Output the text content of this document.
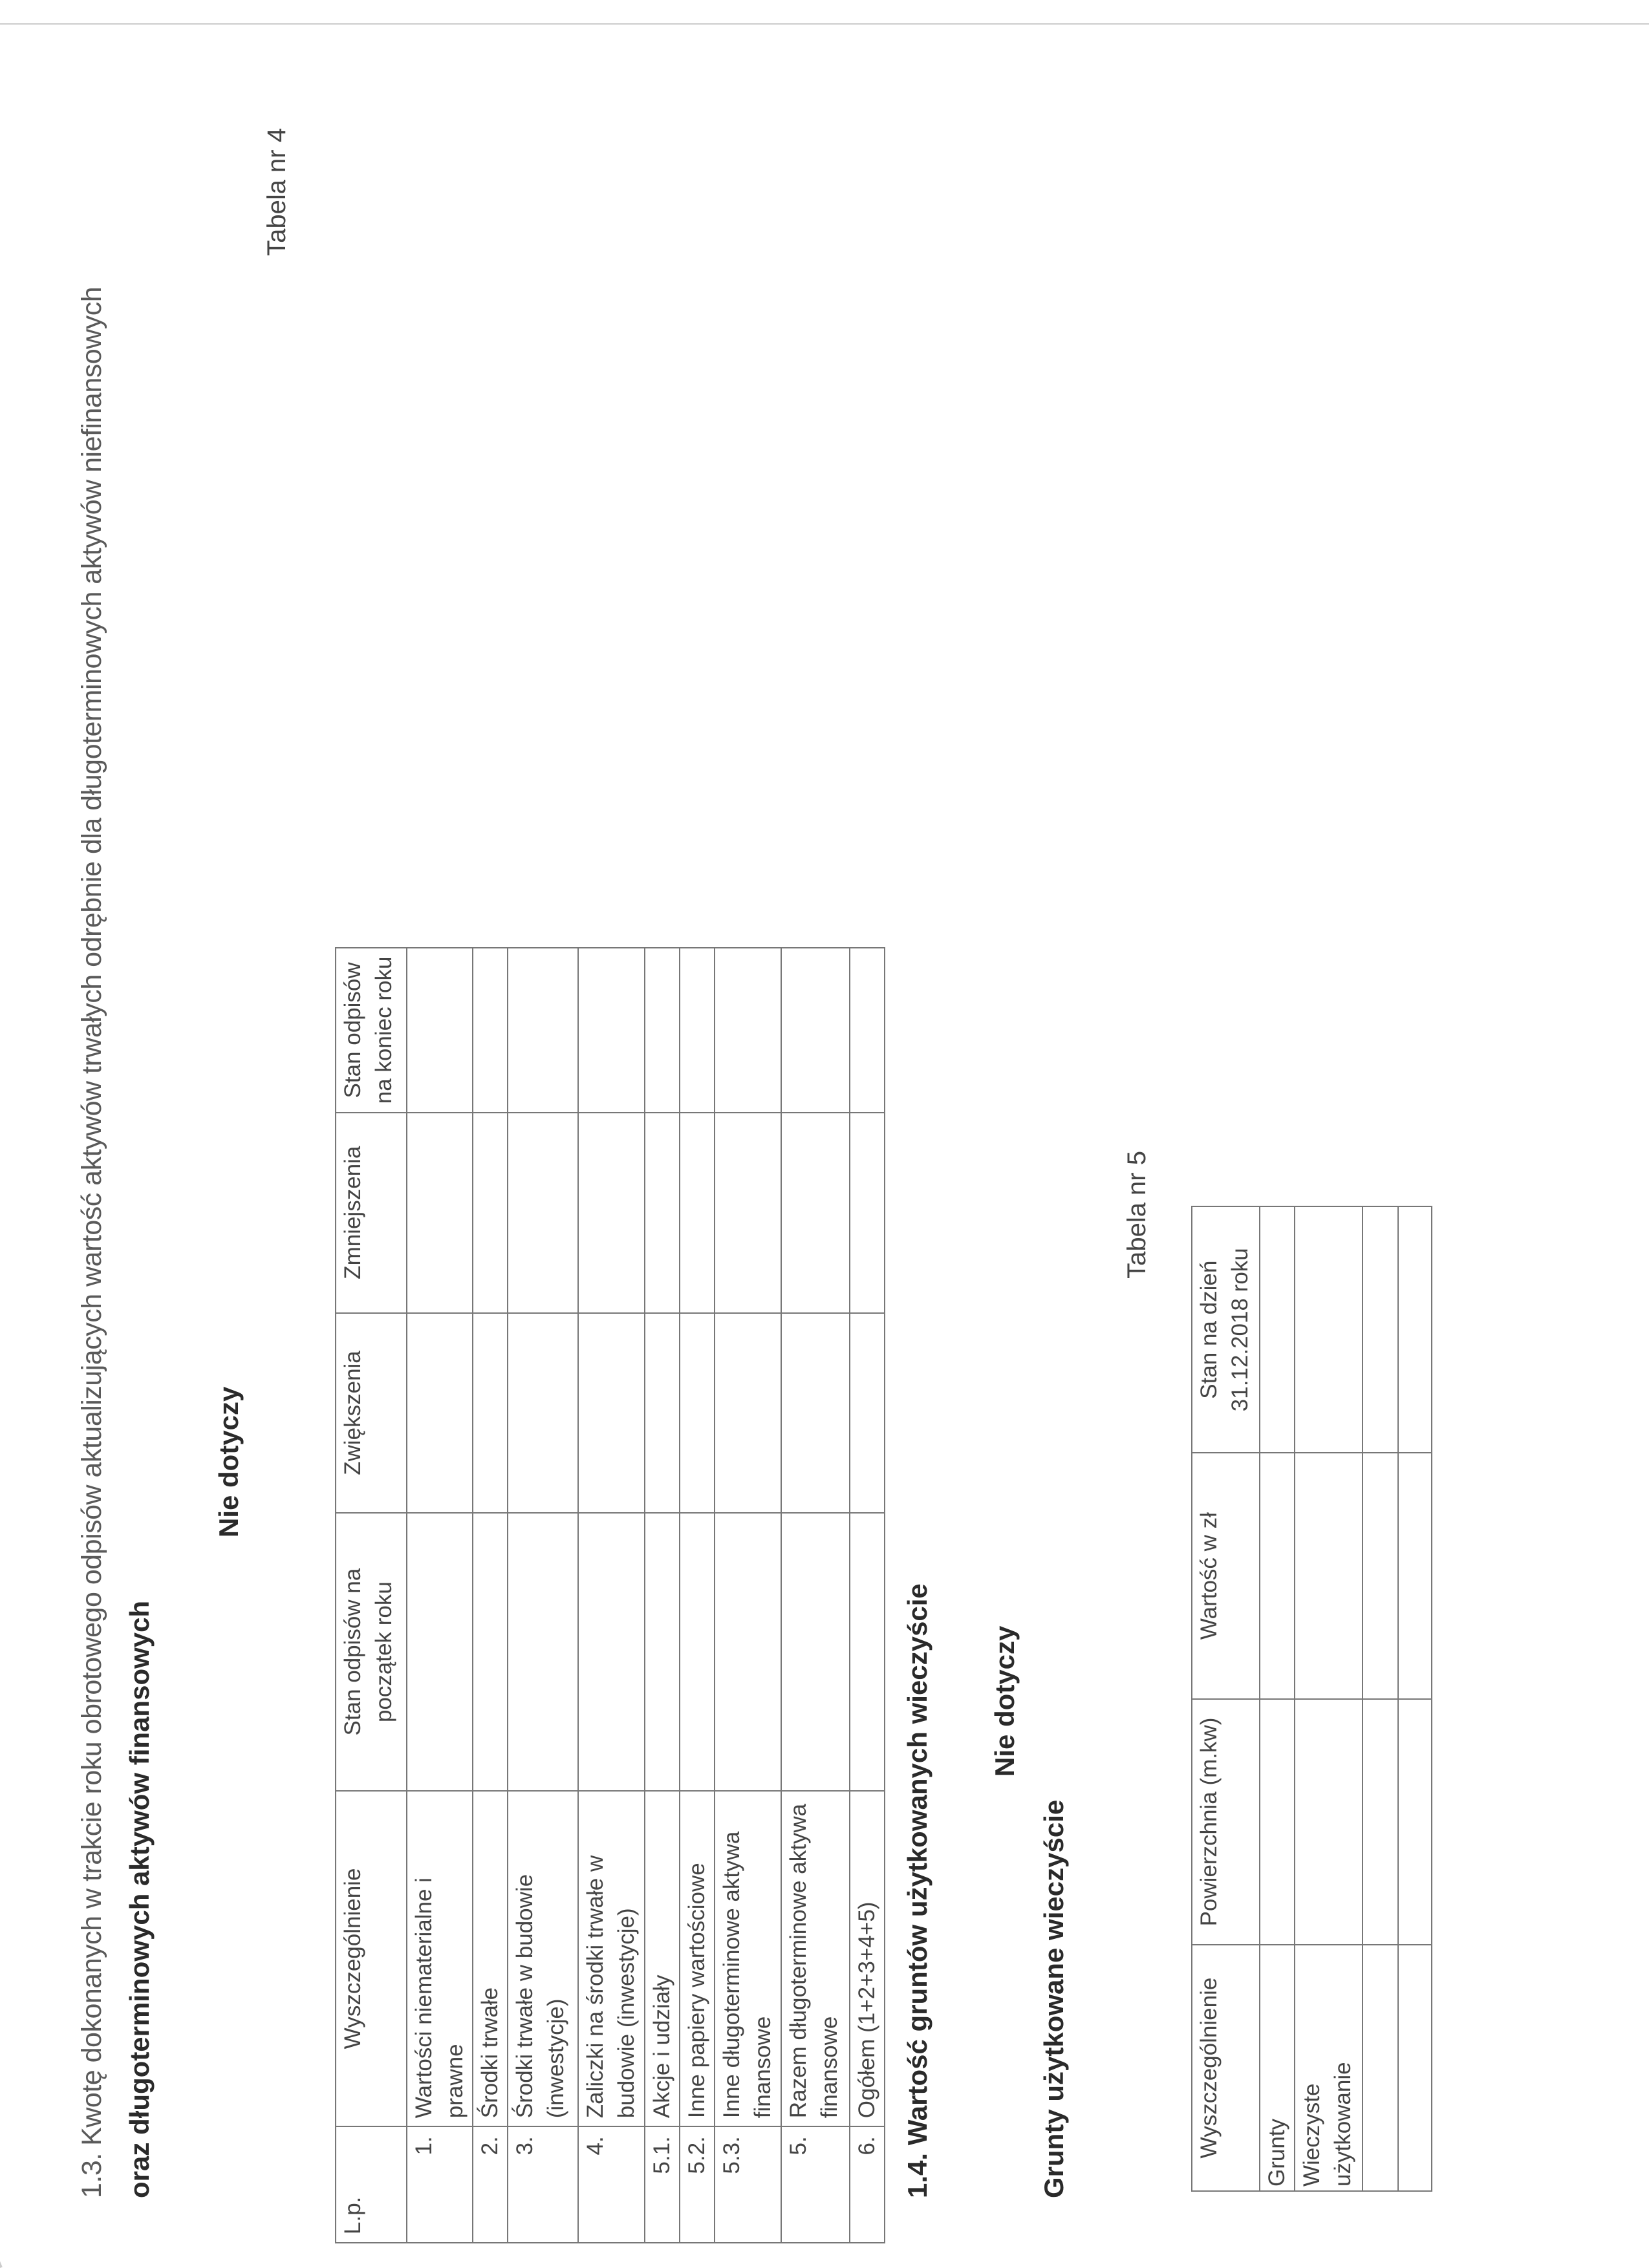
1.3. Kwotę dokonanych w trakcie roku obrotowego odpisów aktualizujących wartość aktywów trwałych odrębnie dla długoterminowych aktywów niefinansowych oraz długoterminowych aktywów finansowych
Nie dotyczy
Tabela nr 4
L.p.	Wyszczególnienie	Stan odpisów na początek roku	Zwiększenia	Zmniejszenia	Stan odpisów na koniec roku
1.	Wartości niematerialne i prawne				
2.	Środki trwałe				
3.	Środki trwałe w budowie (inwestycje)				
4.	Zaliczki na środki trwałe w budowie (inwestycje)				
5.1.	Akcje i udziały				
5.2.	Inne papiery wartościowe				
5.3.	Inne długoterminowe aktywa finansowe				
5.	Razem długoterminowe aktywa finansowe				
6.	Ogółem (1+2+3+4+5)				1.4. Wartość gruntów użytkowanych wieczyście Nie dotyczy
Grunty użytkowane wieczyście
Tabela nr 5
Wyszczególnienie	Powierzchnia (m.kw)	Wartość w zł	Stan na dzień 31.12.2018 roku
Grunty			
Wieczyste użytkowanie			
